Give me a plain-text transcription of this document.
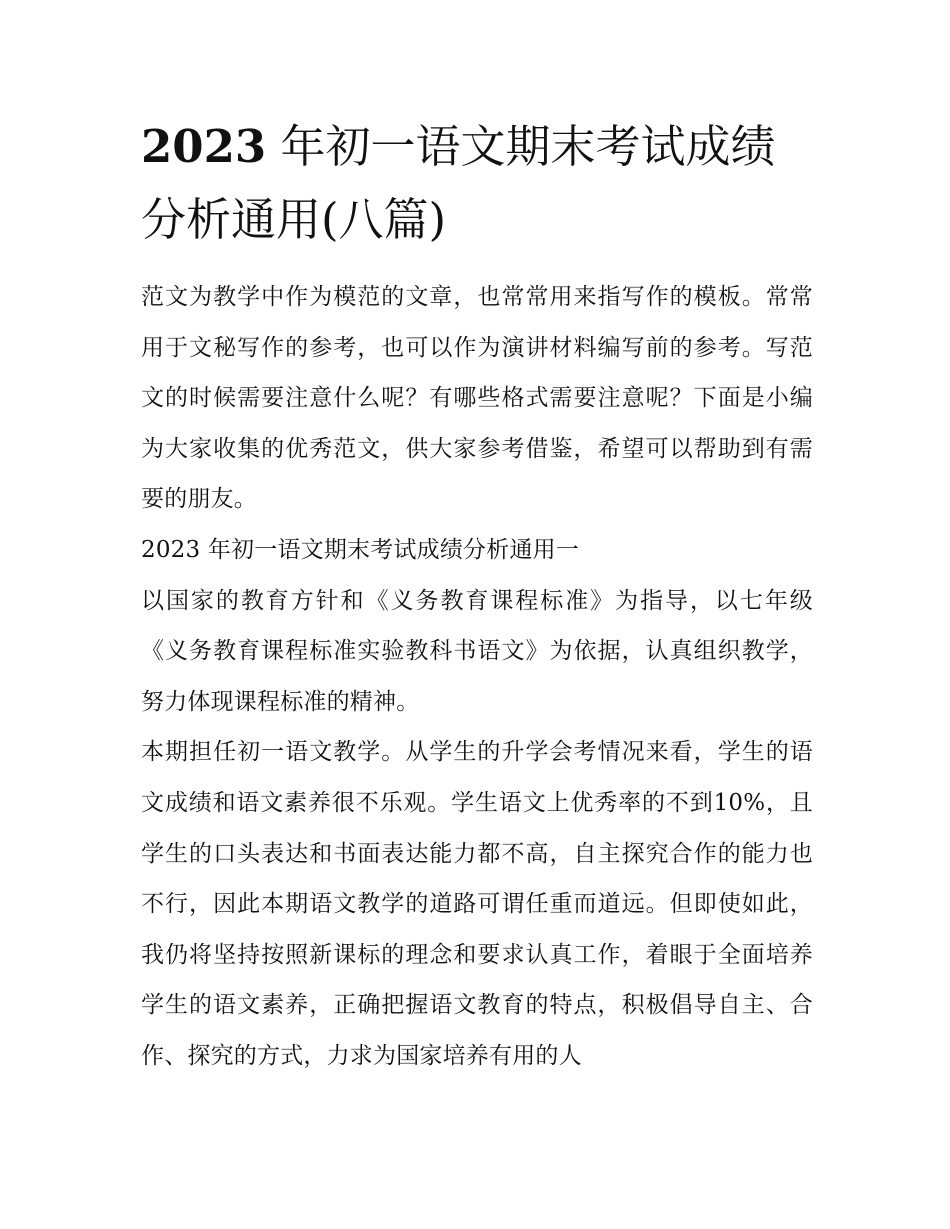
2023 年初一语文期末考试成绩
分析通用(八篇)

范文为教学中作为模范的文章，也常常用来指写作的模板。常常用于文秘写作的参考，也可以作为演讲材料编写前的参考。写范文的时候需要注意什么呢？有哪些格式需要注意呢？下面是小编为大家收集的优秀范文，供大家参考借鉴，希望可以帮助到有需要的朋友。

2023 年初一语文期末考试成绩分析通用一

以国家的教育方针和《义务教育课程标准》为指导，以七年级《义务教育课程标准实验教科书语文》为依据，认真组织教学，努力体现课程标准的精神。

本期担任初一语文教学。从学生的升学会考情况来看，学生的语文成绩和语文素养很不乐观。学生语文上优秀率的不到10%，且学生的口头表达和书面表达能力都不高，自主探究合作的能力也不行，因此本期语文教学的道路可谓任重而道远。但即使如此，我仍将坚持按照新课标的理念和要求认真工作，着眼于全面培养学生的语文素养，正确把握语文教育的特点，积极倡导自主、合作、探究的方式，力求为国家培养有用的人
